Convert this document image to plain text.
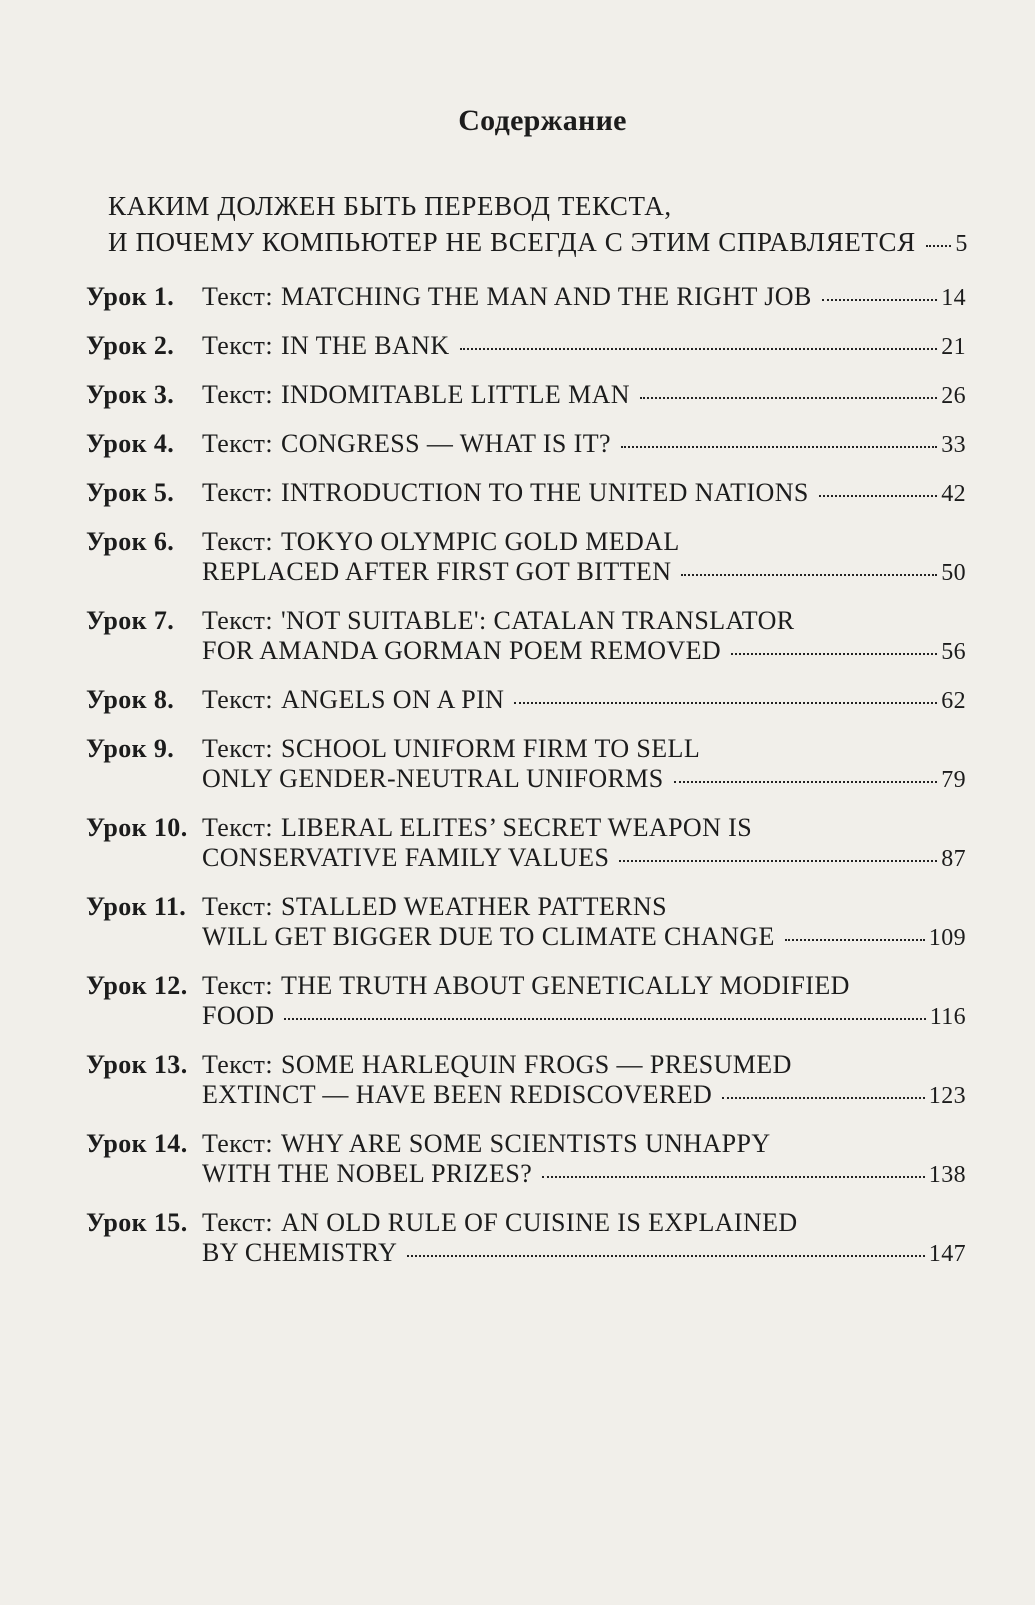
Содержание
КАКИМ ДОЛЖЕН БЫТЬ ПЕРЕВОД ТЕКСТА,
И ПОЧЕМУ КОМПЬЮТЕР НЕ ВСЕГДА С ЭТИМ СПРАВЛЯЕТСЯ 5
Урок 1.	Текст: MATCHING THE MAN AND THE RIGHT JOB	14
Урок 2.	Текст: IN THE BANK	21
Урок 3.	Текст: INDOMITABLE LITTLE MAN	26
Урок 4.	Текст: CONGRESS — WHAT IS IT?	33
Урок 5.	Текст: INTRODUCTION TO THE UNITED NATIONS	42
Урок 6.	Текст: TOKYO OLYMPIC GOLD MEDAL
REPLACED AFTER FIRST GOT BITTEN	50
Урок 7.	Текст: 'NOT SUITABLE': CATALAN TRANSLATOR
FOR AMANDA GORMAN POEM REMOVED	56
Урок 8.	Текст: ANGELS ON A PIN	62
Урок 9.	Текст: SCHOOL UNIFORM FIRM TO SELL
ONLY GENDER-NEUTRAL UNIFORMS	79
Урок 10. Текст: LIBERAL ELITES’ SECRET WEAPON IS
CONSERVATIVE FAMILY VALUES	87
Урок 11. Текст: STALLED WEATHER PATTERNS
WILL GET BIGGER DUE TO CLIMATE CHANGE	109
Урок 12. Текст: THE TRUTH ABOUT GENETICALLY MODIFIED
FOOD	116
Урок 13. Текст: SOME HARLEQUIN FROGS — PRESUMED
EXTINCT — HAVE BEEN REDISCOVERED	123
Урок 14. Текст: WHY ARE SOME SCIENTISTS UNHAPPY
WITH THE NOBEL PRIZES?	138
Урок 15. Текст: AN OLD RULE OF CUISINE IS EXPLAINED
BY CHEMISTRY	147
